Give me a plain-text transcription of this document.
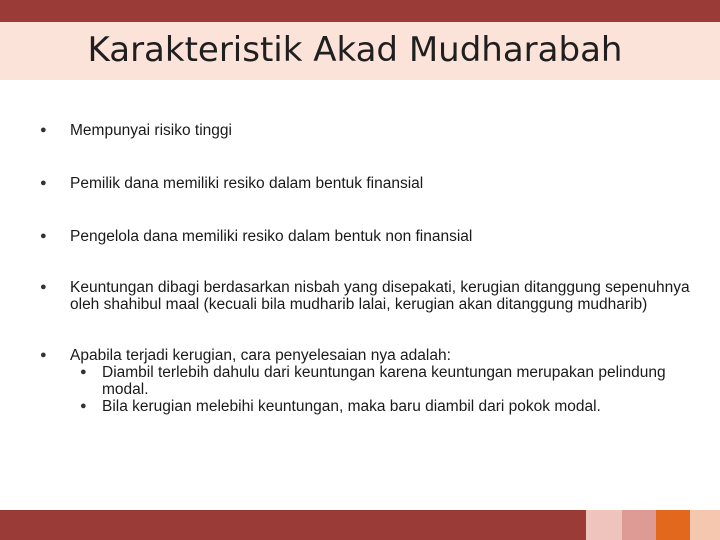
Karakteristik Akad Mudharabah
●	Mempunyai risiko tinggi
●	Pemilik dana memiliki resiko dalam bentuk finansial
●	Pengelola dana memiliki resiko dalam bentuk non finansial
●	Keuntungan dibagi berdasarkan nisbah yang disepakati, kerugian ditanggung sepenuhnya oleh shahibul maal (kecuali bila mudharib lalai, kerugian akan ditanggung mudharib)
●	Apabila terjadi kerugian, cara penyelesaian nya adalah:
● Diambil terlebih dahulu dari keuntungan karena keuntungan merupakan pelindung modal.
● Bila kerugian melebihi keuntungan, maka baru diambil dari pokok modal.
